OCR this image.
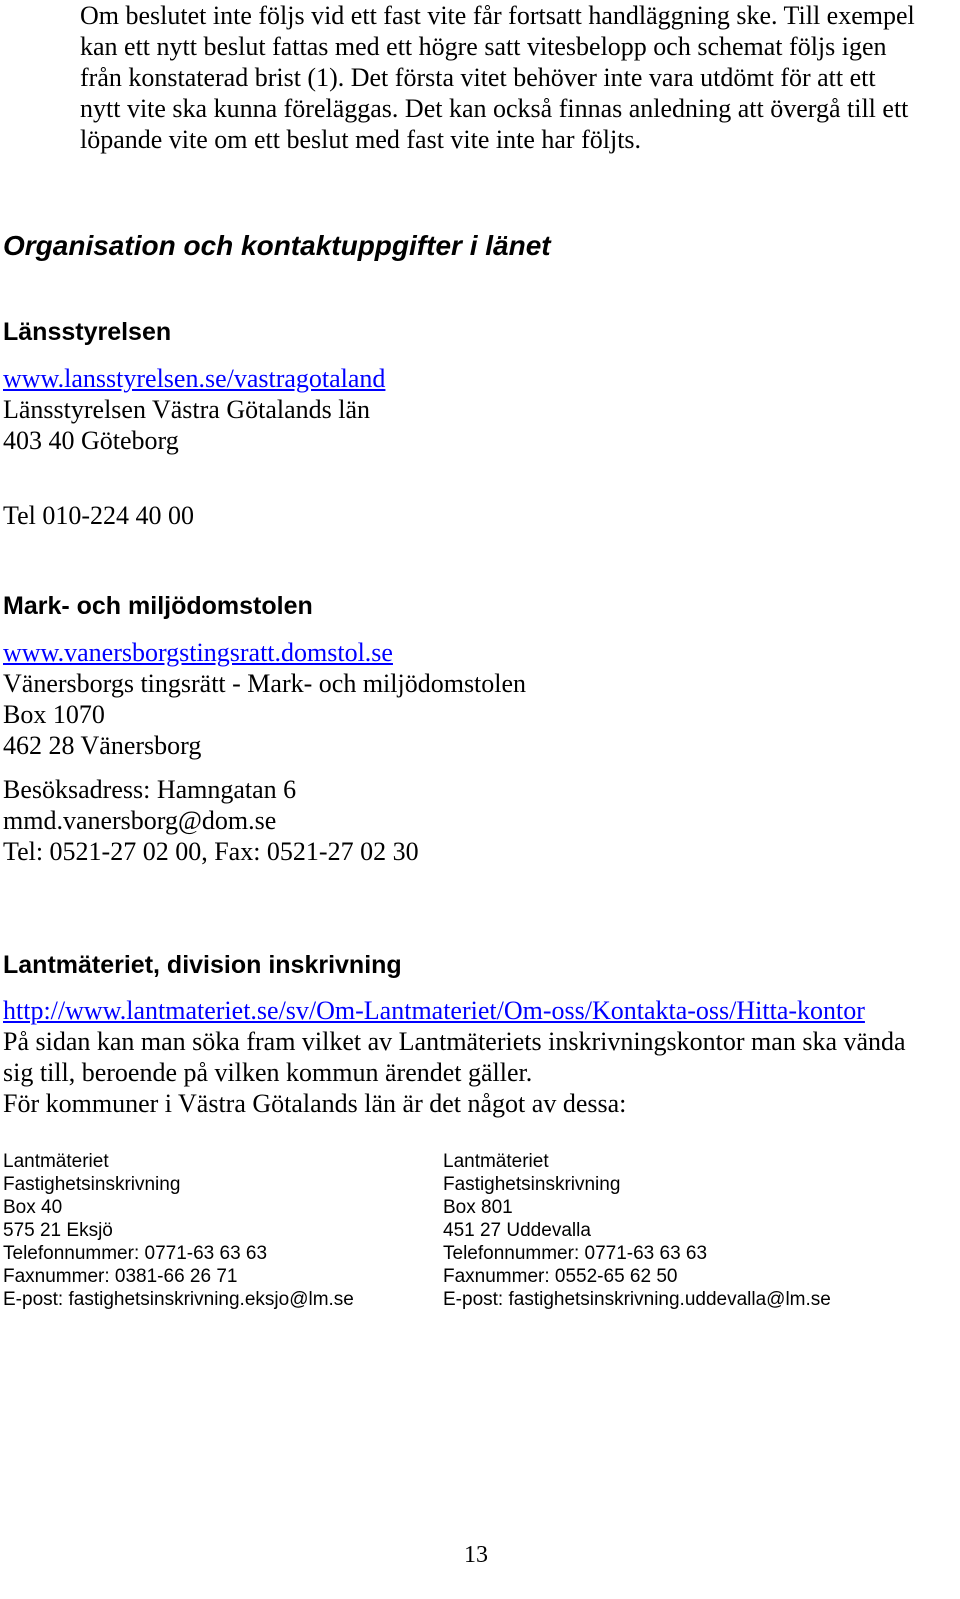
Om beslutet inte följs vid ett fast vite får fortsatt handläggning ske. Till exempel
kan ett nytt beslut fattas med ett högre satt vitesbelopp och schemat följs igen
från konstaterad brist (1). Det första vitet behöver inte vara utdömt för att ett
nytt vite ska kunna föreläggas. Det kan också finnas anledning att övergå till ett
löpande vite om ett beslut med fast vite inte har följts.
Organisation och kontaktuppgifter i länet
Länsstyrelsen
www.lansstyrelsen.se/vastragotaland
Länsstyrelsen Västra Götalands län
403 40 Göteborg
Tel 010-224 40 00
Mark- och miljödomstolen
www.vanersborgstingsratt.domstol.se
Vänersborgs tingsrätt - Mark- och miljödomstolen
Box 1070
462 28 Vänersborg
Besöksadress: Hamngatan 6
mmd.vanersborg@dom.se
Tel: 0521-27 02 00, Fax: 0521-27 02 30
Lantmäteriet, division inskrivning
http://www.lantmateriet.se/sv/Om-Lantmateriet/Om-oss/Kontakta-oss/Hitta-kontor
På sidan kan man söka fram vilket av Lantmäteriets inskrivningskontor man ska vända
sig till, beroende på vilken kommun ärendet gäller.
För kommuner i Västra Götalands län är det något av dessa:
Lantmäteriet
Fastighetsinskrivning
Box 40
575 21 Eksjö
Telefonnummer: 0771-63 63 63
Faxnummer: 0381-66 26 71
E-post: fastighetsinskrivning.eksjo@lm.se
Lantmäteriet
Fastighetsinskrivning
Box 801
451 27 Uddevalla
Telefonnummer: 0771-63 63 63
Faxnummer: 0552-65 62 50
E-post: fastighetsinskrivning.uddevalla@lm.se
13
